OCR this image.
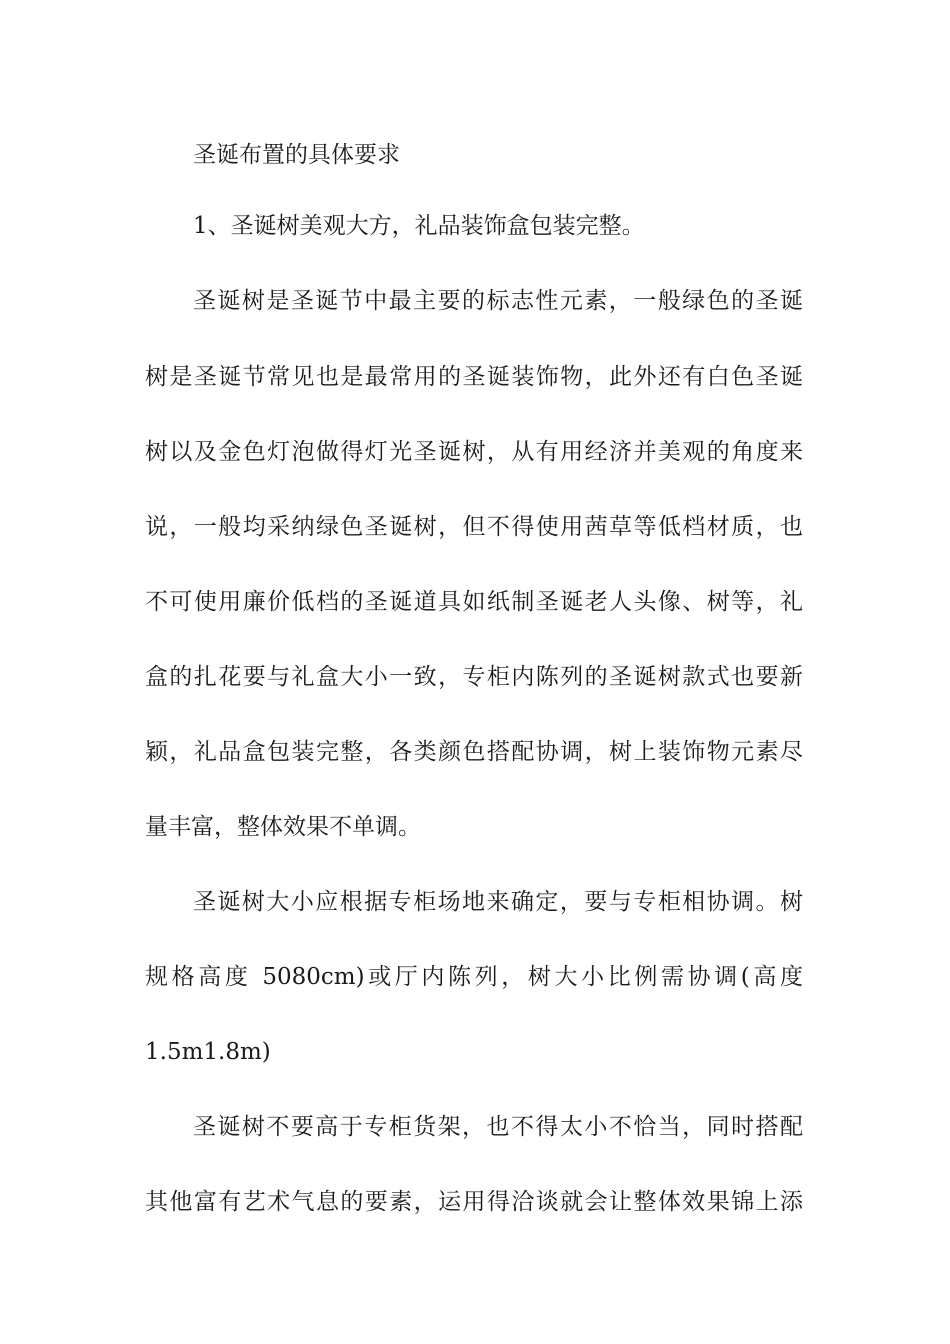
圣诞布置的具体要求

1、圣诞树美观大方，礼品装饰盒包装完整。

圣诞树是圣诞节中最主要的标志性元素，一般绿色的圣诞

树是圣诞节常见也是最常用的圣诞装饰物，此外还有白色圣诞

树以及金色灯泡做得灯光圣诞树，从有用经济并美观的角度来

说，一般均采纳绿色圣诞树，但不得使用茜草等低档材质，也

不可使用廉价低档的圣诞道具如纸制圣诞老人头像、树等，礼

盒的扎花要与礼盒大小一致，专柜内陈列的圣诞树款式也要新

颖，礼品盒包装完整，各类颜色搭配协调，树上装饰物元素尽

量丰富，整体效果不单调。

圣诞树大小应根据专柜场地来确定，要与专柜相协调。树

规格高度 5080cm)或厅内陈列，树大小比例需协调(高度

1.5m1.8m)

圣诞树不要高于专柜货架，也不得太小不恰当，同时搭配

其他富有艺术气息的要素，运用得洽谈就会让整体效果锦上添
